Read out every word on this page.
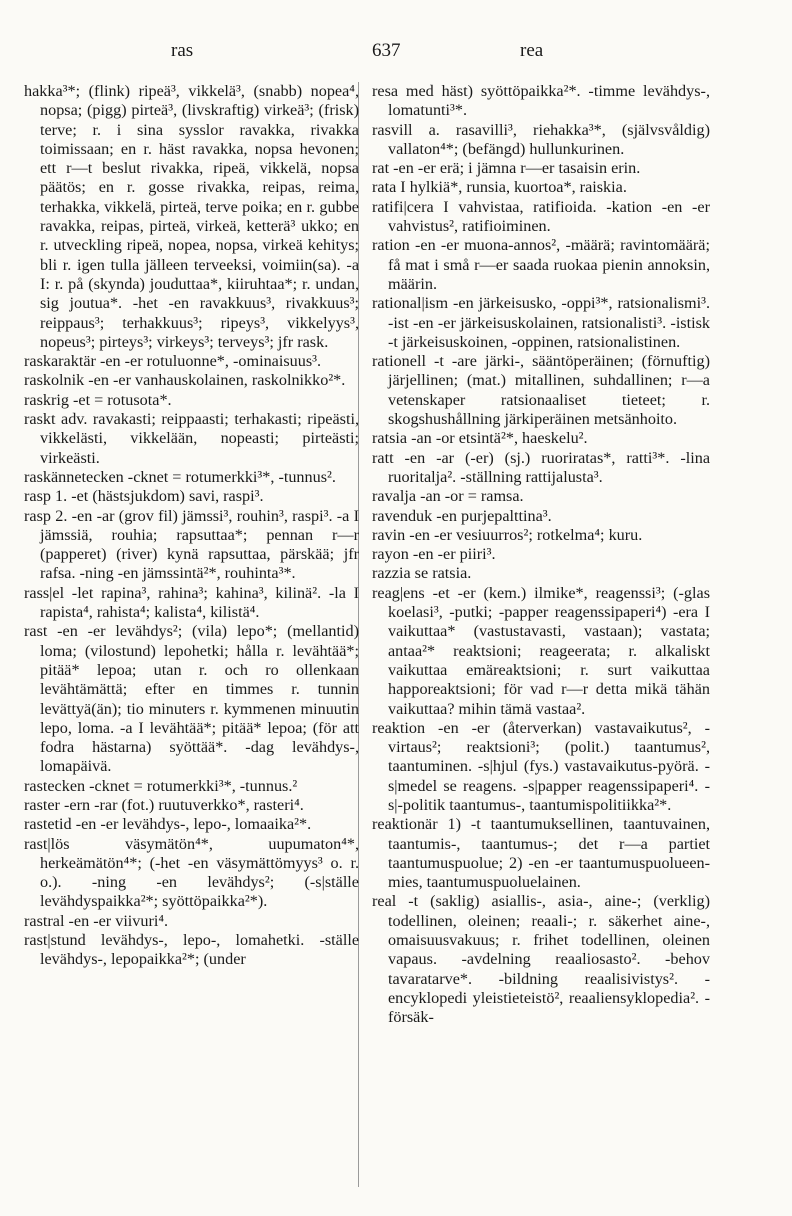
ras	637	rea

hakka³*; (flink) ripeä³, vikkelä³, (snabb) nopea⁴, nopsa; (pigg) pirteä³, (livskraftig) virkeä³; (frisk) terve; r. i sina sysslor ravakka, rivakka toimissaan; en r. häst ravakka, nopsa hevonen; ett r—t beslut rivakka, ripeä, vikkelä, nopsa päätös; en r. gosse rivakka, reipas, reima, terhakka, vikkelä, pirteä, terve poika; en r. gubbe ravakka, reipas, pirteä, virkeä, ketterä³ ukko; en r. utveckling ripeä, nopea, nopsa, virkeä kehitys; bli r. igen tulla jälleen terveeksi, voimiin(sa). -a I: r. på (skynda) jouduttaa*, kiiruhtaa*; r. undan, sig joutua*. -het -en ravakkuus³, rivakkuus³; reippaus³; terhakkuus³; ripeys³, vikkelyys³, nopeus³; pirteys³; virkeys³; terveys³; jfr rask.

raskaraktär -en -er rotuluonne*, -ominaisuus³.

raskolnik -en -er vanhauskolainen, raskolnikko²*.

raskrig -et = rotusota*.

raskt adv. ravakasti; reippaasti; terhakasti; ripeästi, vikkelästi, vikkelään, nopeasti; pirteästi; virkeästi.

raskännetecken -cknet = rotumerkki³*, -tunnus².

rasp 1. -et (hästsjukdom) savi, raspi³.

rasp 2. -en -ar (grov fil) jämssi³, rouhin³, raspi³. -a I jämssiä, rouhia; rapsuttaa*; pennan r—r (papperet) (river) kynä rapsuttaa, pärskää; jfr rafsa. -ning -en jämssintä²*, rouhinta³*.

rass|el -let rapina³, rahina³; kahina³, kilinä². -la I rapista⁴, rahista⁴; kalista⁴, kilistä⁴.

rast -en -er levähdys²; (vila) lepo*; (mellantid) loma; (vilostund) lepohetki; hålla r. levähtää*; pitää* lepoa; utan r. och ro ollenkaan levähtämättä; efter en timmes r. tunnin levättyä(än); tio minuters r. kymmenen minuutin lepo, loma. -a I levähtää*; pitää* lepoa; (för att fodra hästarna) syöttää*. -dag levähdys-, lomapäivä.

rastecken -cknet = rotumerkki³*, -tunnus.²

raster -ern -rar (fot.) ruutuverkko*, rasteri⁴.

rastetid -en -er levähdys-, lepo-, lomaaika²*.

rast|lös väsymätön⁴*, uupumaton⁴*, herkeämätön⁴*; (-het -en väsymättömyys³ o. r. o.). -ning -en levähdys²; (-s|ställe levähdyspaikka²*; syöttöpaikka²*).

rastral -en -er viivuri⁴.

rast|stund levähdys-, lepo-, lomahetki. -ställe levähdys-, lepopaikka²*; (under

resa med häst) syöttöpaikka²*. -timme levähdys-, lomatunti³*.

rasvill a. rasavilli³, riehakka³*, (självsvåldig) vallaton⁴*; (befängd) hullunkurinen.

rat -en -er erä; i jämna r—er tasaisin erin.

rata I hylkiä*, runsia, kuortoa*, raiskia.

ratifi|cera I vahvistaa, ratifioida. -kation -en -er vahvistus², ratifioiminen.

ration -en -er muona-annos², -määrä; ravintomäärä; få mat i små r—er saada ruokaa pienin annoksin, määrin.

rational|ism -en järkeisusko, -oppi³*, ratsionalismi³. -ist -en -er järkeisuskolainen, ratsionalisti³. -istisk -t järkeisuskoinen, -oppinen, ratsionalistinen.

rationell -t -are järki-, sääntöperäinen; (förnuftig) järjellinen; (mat.) mitallinen, suhdallinen; r—a vetenskaper ratsionaaliset tieteet; r. skogshushållning järkiperäinen metsänhoito.

ratsia -an -or etsintä²*, haeskelu².

ratt -en -ar (-er) (sj.) ruoriratas*, ratti³*. -lina ruoritalja². -ställning rattijalusta³.

ravalja -an -or = ramsa.

ravenduk -en purjepalttina³.

ravin -en -er vesiuurros²; rotkelma⁴; kuru.

rayon -en -er piiri³.

razzia se ratsia.

reag|ens -et -er (kem.) ilmike*, reagenssi³; (-glas koelasi³, -putki; -papper reagenssipaperi⁴) -era I vaikuttaa* (vastustavasti, vastaan); vastata; antaa²* reaktsioni; reageerata; r. alkaliskt vaikuttaa emäreaktsioni; r. surt vaikuttaa happoreaktsioni; för vad r—r detta mikä tähän vaikuttaa? mihin tämä vastaa².

reaktion -en -er (återverkan) vastavaikutus², -virtaus²; reaktsioni³; (polit.) taantumus², taantuminen. -s|hjul (fys.) vastavaikutus-pyörä. -s|medel se reagens. -s|papper reagenssipaperi⁴. -s|-politik taantumus-, taantumispolitiikka²*.

reaktionär 1) -t taantumuksellinen, taantuvainen, taantumis-, taantumus-; det r—a partiet taantumuspuolue; 2) -en -er taantumuspuolueen-mies, taantumuspuoluelainen.

real -t (saklig) asiallis-, asia-, aine-; (verklig) todellinen, oleinen; reaali-; r. säkerhet aine-, omaisuusvakuus; r. frihet todellinen, oleinen vapaus. -avdelning reaaliosasto². -behov tavaratarve*. -bildning reaalisivistys². -encyklopedi yleistieteistö², reaaliensyklopedia². -försäk-
